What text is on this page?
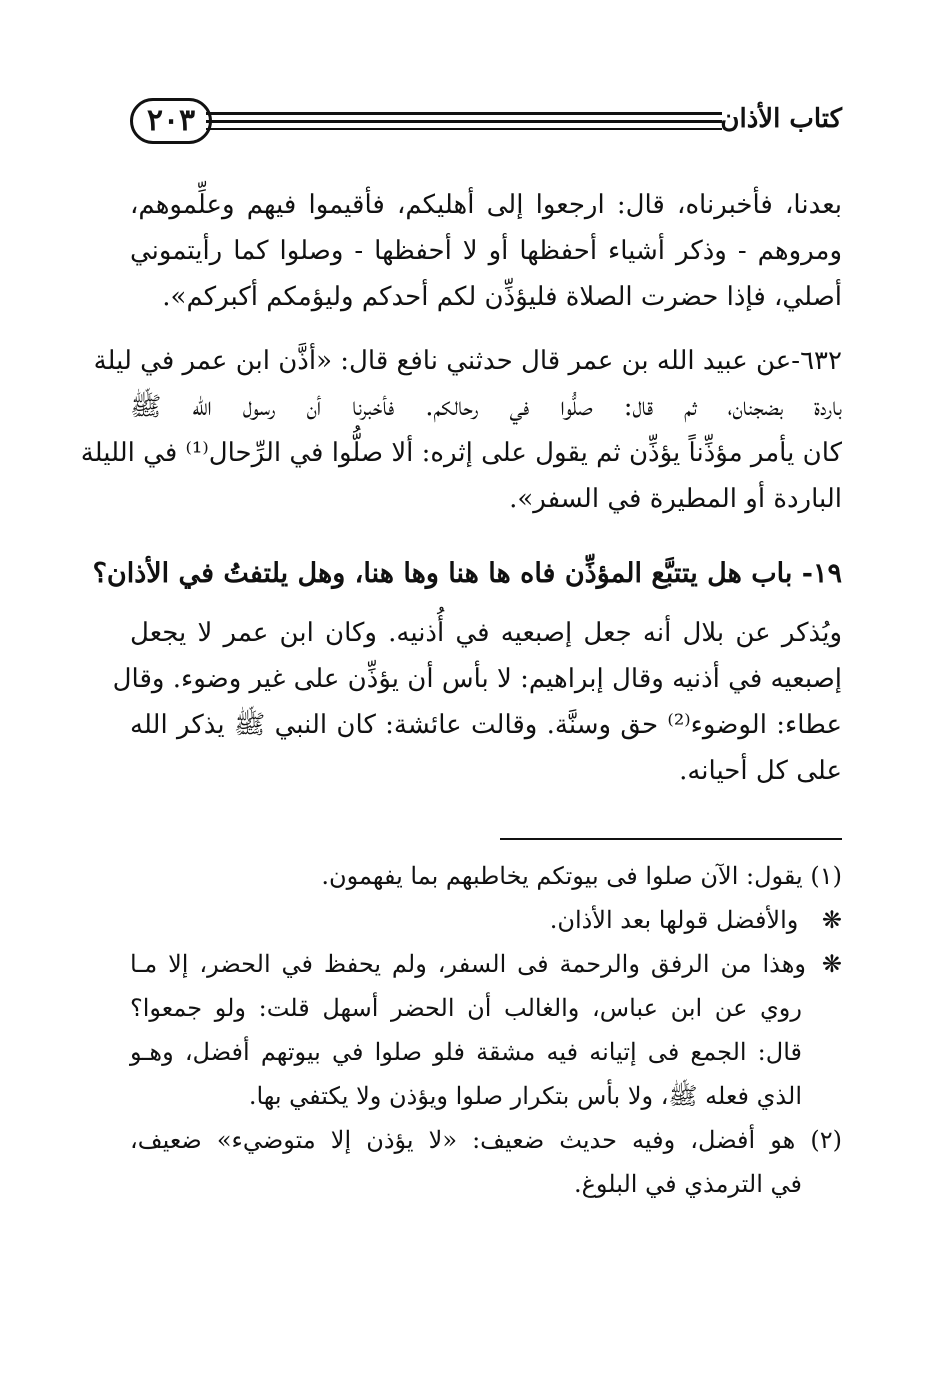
٢٠٣	كتاب الأذان
بعدنا، فأخبرناه، قال: ارجعوا إلى أهليكم، فأقيموا فيهم وعلِّموهم،
ومروهم - وذكر أشياء أحفظها أو لا أحفظها - وصلوا كما رأيتموني
أصلي، فإذا حضرت الصلاة فليؤذِّن لكم أحدكم وليؤمكم أكبركم».
٦٣٢-عن عبيد الله بن عمر قال حدثني نافع قال: «أذَّن ابن عمر في ليلة
باردة بضجنان، ثم قال: صلُّوا في رحالكم. فأخبرنا أن رسول الله ﷺ
كان يأمر مؤذِّناً يؤذِّن ثم يقول على إثره: ألا صلُّوا في الرِّحال⁽¹⁾ في الليلة
الباردة أو المطيرة في السفر».
١٩- باب هل يتتبَّع المؤذِّن فاه ها هنا وها هنا، وهل يلتفتُ في الأذان؟
ويُذكر عن بلال أنه جعل إصبعيه في أُذنيه. وكان ابن عمر لا يجعل
إصبعيه في أذنيه وقال إبراهيم: لا بأس أن يؤذِّن على غير وضوء. وقال
عطاء: الوضوء⁽²⁾ حق وسنَّة. وقالت عائشة: كان النبي ﷺ يذكر الله
على كل أحيانه.
(١) يقول: الآن صلوا فى بيوتكم يخاطبهم بما يفهمون.
❋ والأفضل قولها بعد الأذان.
❋وهذا من الرفق والرحمة فى السفر، ولم يحفظ في الحضر، إلا مـا
روي عن ابن عباس، والغالب أن الحضر أسهل قلت: ولو جمعوا؟
قال: الجمع فى إتيانه فيه مشقة فلو صلوا في بيوتهم أفضل، وهـو
الذي فعله ﷺ، ولا بأس بتكرار صلوا ويؤذن ولا يكتفي بها.
(٢) هو أفضل، وفيه حديث ضعيف: «لا يؤذن إلا متوضيء» ضعيف،
في الترمذي في البلوغ.
